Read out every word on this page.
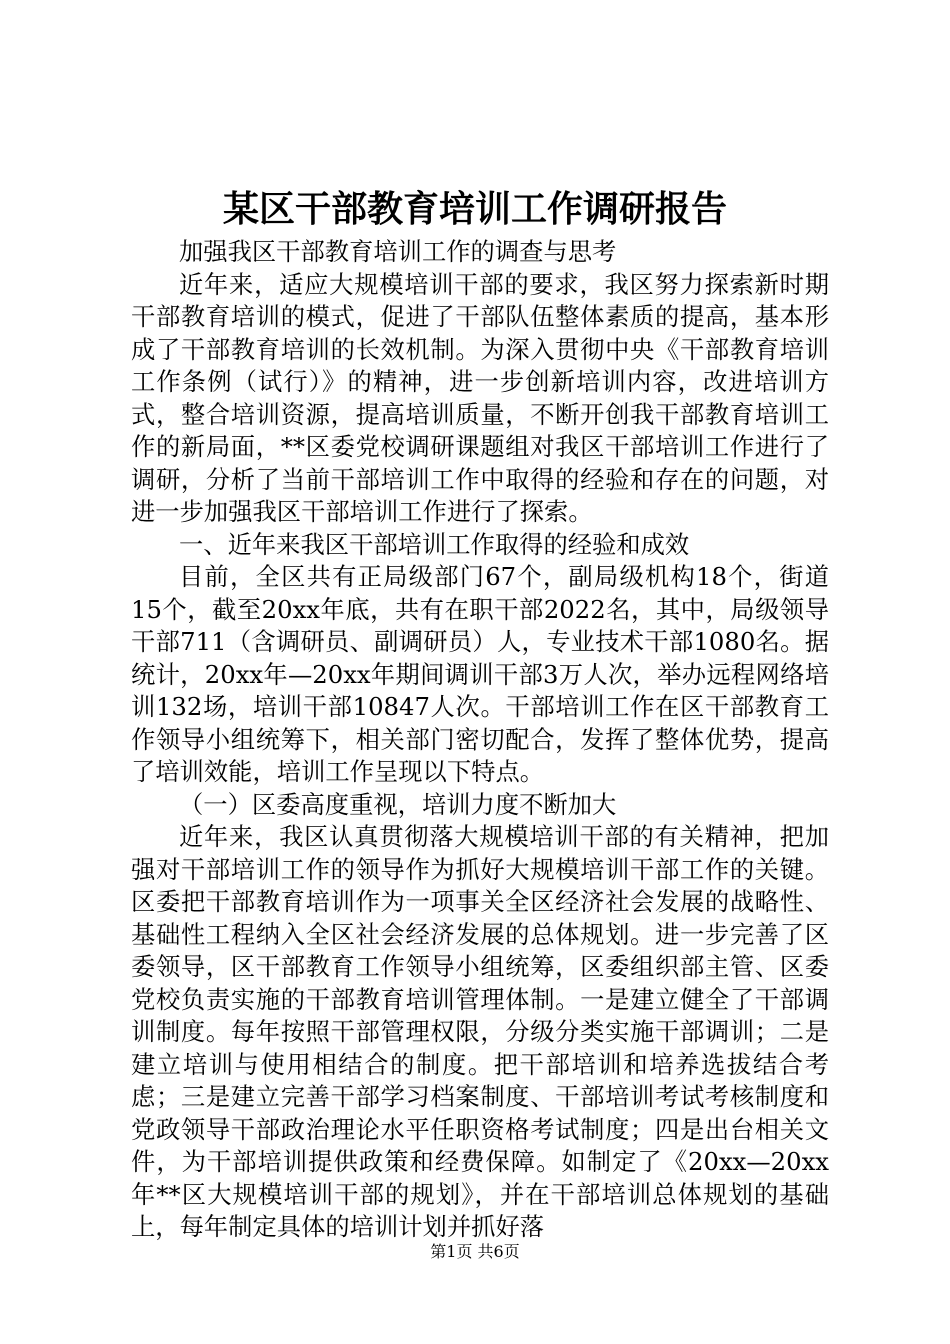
某区干部教育培训工作调研报告

加强我区干部教育培训工作的调查与思考

近年来，适应大规模培训干部的要求，我区努力探索新时期干部教育培训的模式，促进了干部队伍整体素质的提高，基本形成了干部教育培训的长效机制。为深入贯彻中央《干部教育培训工作条例（试行）》的精神，进一步创新培训内容，改进培训方式，整合培训资源，提高培训质量，不断开创我干部教育培训工作的新局面，**区委党校调研课题组对我区干部培训工作进行了调研，分析了当前干部培训工作中取得的经验和存在的问题，对进一步加强我区干部培训工作进行了探索。

一、近年来我区干部培训工作取得的经验和成效

目前，全区共有正局级部门67个，副局级机构18个，街道15个，截至20xx年底，共有在职干部2022名，其中，局级领导干部711（含调研员、副调研员）人，专业技术干部1080名。据统计，20xx年—20xx年期间调训干部3万人次，举办远程网络培训132场，培训干部10847人次。干部培训工作在区干部教育工作领导小组统筹下，相关部门密切配合，发挥了整体优势，提高了培训效能，培训工作呈现以下特点。

（一）区委高度重视，培训力度不断加大

近年来，我区认真贯彻落大规模培训干部的有关精神，把加强对干部培训工作的领导作为抓好大规模培训干部工作的关键。区委把干部教育培训作为一项事关全区经济社会发展的战略性、基础性工程纳入全区社会经济发展的总体规划。进一步完善了区委领导，区干部教育工作领导小组统筹，区委组织部主管、区委党校负责实施的干部教育培训管理体制。一是建立健全了干部调训制度。每年按照干部管理权限，分级分类实施干部调训；二是建立培训与使用相结合的制度。把干部培训和培养选拔结合考虑；三是建立完善干部学习档案制度、干部培训考试考核制度和党政领导干部政治理论水平任职资格考试制度；四是出台相关文件，为干部培训提供政策和经费保障。如制定了《20xx—20xx年**区大规模培训干部的规划》，并在干部培训总体规划的基础上，每年制定具体的培训计划并抓好落

第1页 共6页
